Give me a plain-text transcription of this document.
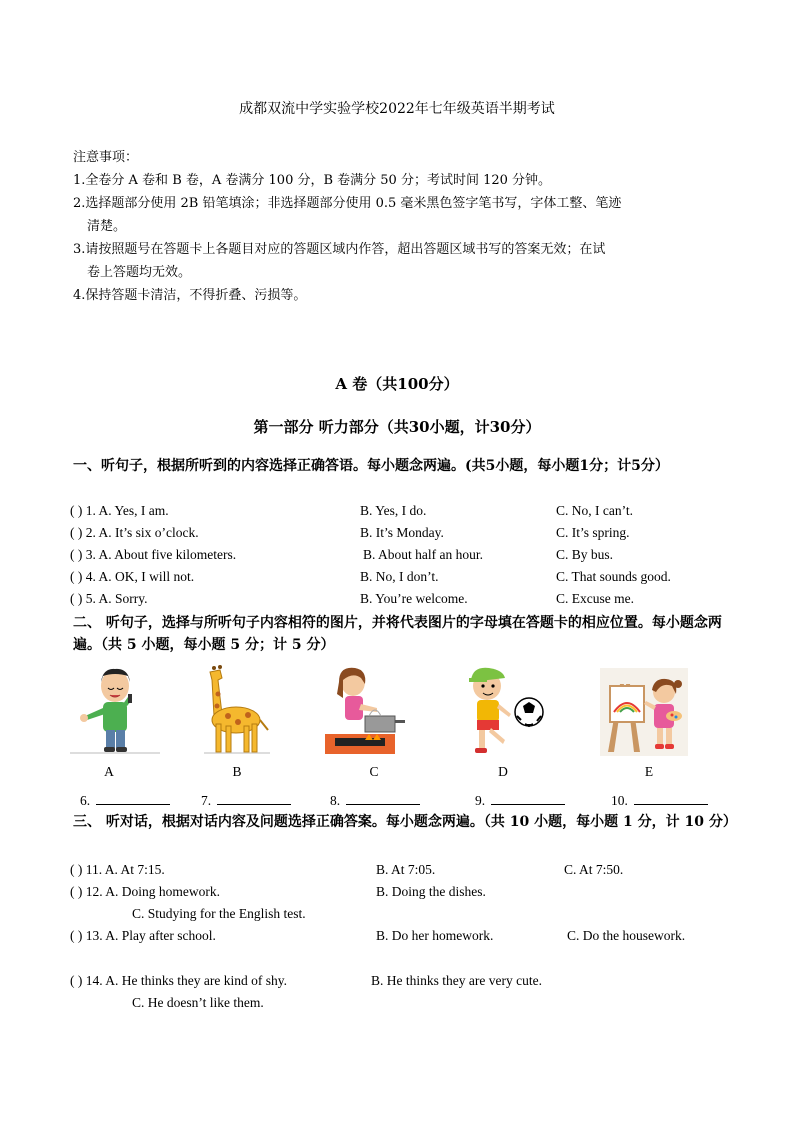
成都双流中学实验学校2022年七年级英语半期考试
注意事项：
1.全卷分 A 卷和 B 卷，A 卷满分 100 分，B 卷满分 50 分；考试时间 120 分钟。
2.选择题部分使用 2B 铅笔填涂；非选择题部分使用 0.5 毫米黑色签字笔书写，字体工整、笔迹
清楚。
3.请按照题号在答题卡上各题目对应的答题区域内作答，超出答题区域书写的答案无效；在试
卷上答题均无效。
4.保持答题卡清洁，不得折叠、污损等。
A 卷（共100分）
第一部分 听力部分（共30小题，计30分）
一、听句子，根据所听到的内容选择正确答语。每小题念两遍。(共5小题，每小题1分；计5分）
( ) 1. A. Yes, I am.	B. Yes, I do.	C. No, I can’t.
( ) 2. A. It’s six o’clock.	B. It’s Monday.	C. It’s spring.
( ) 3. A. About five kilometers.	B. About half an hour.	C. By bus.
( ) 4. A. OK, I will not.	B. No, I don’t.	C. That sounds good.
( ) 5. A. Sorry.	B. You’re welcome.	C. Excuse me.
二、 听句子，选择与所听句子内容相符的图片，并将代表图片的字母填在答题卡的相应位置。每小题念两遍。（共 5 小题，每小题 5 分；计 5 分）
A	B	C	D	E
6.	7.	8.	9.	10.
三、 听对话，根据对话内容及问题选择正确答案。每小题念两遍。（共 10 小题，每小题 1 分，计 10 分）
( ) 11. A. At 7:15.	B. At 7:05.	C. At 7:50.
( ) 12. A. Doing homework.	B. Doing the dishes.
C. Studying for the English test.
( ) 13. A. Play after school.	B. Do her homework.	C. Do the housework.
( ) 14. A. He thinks they are kind of shy.	B. He thinks they are very cute.
C. He doesn’t like them.
